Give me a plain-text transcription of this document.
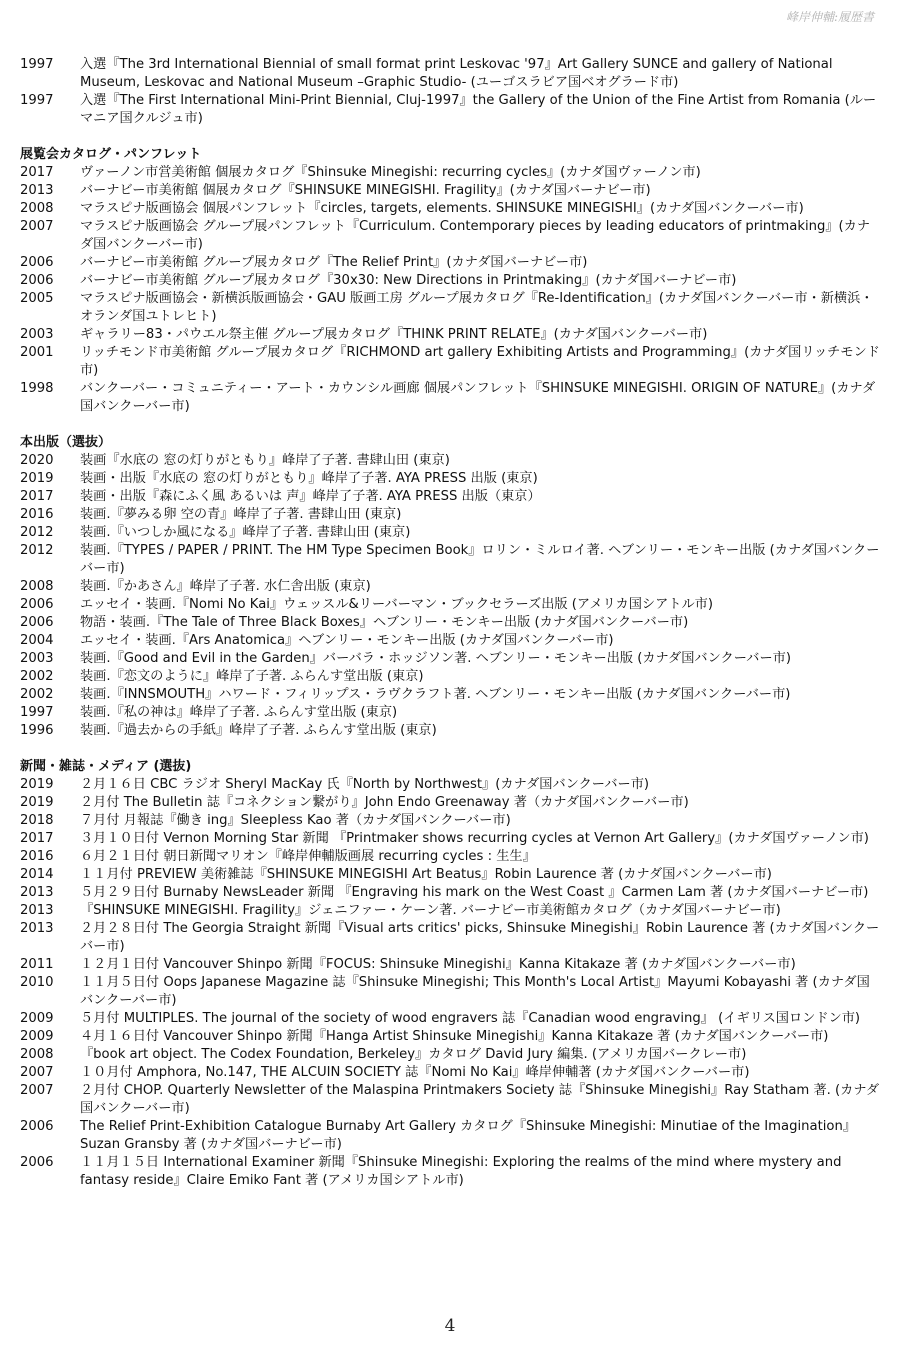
峰岸伸輔:履歴書
1997	入選『The 3rd International Biennial of small format print Leskovac '97』Art Gallery SUNCE and gallery of National Museum, Leskovac and National Museum –Graphic Studio- (ユーゴスラビア国ベオグラード市)
1997	入選『The First International Mini-Print Biennial, Cluj-1997』the Gallery of the Union of the Fine Artist from Romania (ルーマニア国クルジュ市)
展覧会カタログ・パンフレット
2017	ヴァーノン市営美術館 個展カタログ『Shinsuke Minegishi: recurring cycles』(カナダ国ヴァーノン市)
2013	バーナビー市美術館 個展カタログ『SHINSUKE MINEGISHI. Fragility』(カナダ国バーナビー市)
2008	マラスピナ版画協会 個展パンフレット『circles, targets, elements. SHINSUKE MINEGISHI』(カナダ国バンクーバー市)
2007	マラスピナ版画協会 グループ展パンフレット『Curriculum. Contemporary pieces by leading educators of printmaking』(カナダ国バンクーバー市)
2006	バーナビー市美術館 グループ展カタログ『The Relief Print』(カナダ国バーナビー市)
2006	バーナビー市美術館 グループ展カタログ『30x30: New Directions in Printmaking』(カナダ国バーナビー市)
2005	マラスピナ版画協会・新横浜版画協会・GAU 版画工房 グループ展カタログ『Re-Identification』(カナダ国バンクーバー市・新横浜・オランダ国ユトレヒト)
2003	ギャラリー83・パウエル祭主催 グループ展カタログ『THINK PRINT RELATE』(カナダ国バンクーバー市)
2001	リッチモンド市美術館 グループ展カタログ『RICHMOND art gallery Exhibiting Artists and Programming』(カナダ国リッチモンド市)
1998	バンクーバー・コミュニティー・アート・カウンシル画廊 個展パンフレット『SHINSUKE MINEGISHI. ORIGIN OF NATURE』(カナダ国バンクーバー市)
本出版（選抜）
2020	装画『水底の 窓の灯りがともり』峰岸了子著. 書肆山田 (東京)
2019	装画・出版『水底の 窓の灯りがともり』峰岸了子著. AYA PRESS 出版 (東京)
2017	装画・出版『森にふく風 あるいは 声』峰岸了子著. AYA PRESS 出版（東京）
2016	装画.『夢みる卵 空の青』峰岸了子著. 書肆山田 (東京)
2012	装画.『いつしか風になる』峰岸了子著. 書肆山田 (東京)
2012	装画.『TYPES / PAPER / PRINT. The HM Type Specimen Book』ロリン・ミルロイ著. ヘブンリー・モンキー出版 (カナダ国バンクーバー市)
2008	装画.『かあさん』峰岸了子著. 水仁舎出版 (東京)
2006	エッセイ・装画.『Nomi No Kai』ウェッスル&リーバーマン・ブックセラーズ出版 (アメリカ国シアトル市)
2006	物語・装画.『The Tale of Three Black Boxes』ヘブンリー・モンキー出版 (カナダ国バンクーバー市)
2004	エッセイ・装画.『Ars Anatomica』ヘブンリー・モンキー出版 (カナダ国バンクーバー市)
2003	装画.『Good and Evil in the Garden』バーバラ・ホッジソン著. ヘブンリー・モンキー出版 (カナダ国バンクーバー市)
2002	装画.『恋文のように』峰岸了子著. ふらんす堂出版 (東京)
2002	装画.『INNSMOUTH』ハワード・フィリップス・ラヴクラフト著. ヘブンリー・モンキー出版 (カナダ国バンクーバー市)
1997	装画.『私の神は』峰岸了子著. ふらんす堂出版 (東京)
1996	装画.『過去からの手紙』峰岸了子著. ふらんす堂出版 (東京)
新聞・雑誌・メディア (選抜)
2019	２月１６日 CBC ラジオ Sheryl MacKay 氏『North by Northwest』(カナダ国バンクーバー市)
2019	２月付 The Bulletin 誌『コネクション繋がり』John Endo Greenaway 著（カナダ国バンクーバー市)
2018	７月付 月報誌『働き ing』Sleepless Kao 著（カナダ国バンクーバー市)
2017	３月１０日付 Vernon Morning Star 新聞 『Printmaker shows recurring cycles at Vernon Art Gallery』(カナダ国ヴァーノン市)
2016	６月２１日付 朝日新聞マリオン『峰岸伸輔版画展 recurring cycles : 生生』
2014	１１月付 PREVIEW 美術雑誌『SHINSUKE MINEGISHI Art Beatus』Robin Laurence 著 (カナダ国バンクーバー市)
2013	５月２９日付 Burnaby NewsLeader 新聞 『Engraving his mark on the West Coast 』Carmen Lam 著 (カナダ国バーナビー市)
2013	『SHINSUKE MINEGISHI. Fragility』ジェニファー・ケーン著. バーナビー市美術館カタログ（カナダ国バーナビー市)
2013	２月２８日付 The Georgia Straight 新聞『Visual arts critics' picks, Shinsuke Minegishi』Robin Laurence 著 (カナダ国バンクーバー市)
2011	１２月１日付 Vancouver Shinpo 新聞『FOCUS: Shinsuke Minegishi』Kanna Kitakaze 著 (カナダ国バンクーバー市)
2010	１１月５日付 Oops Japanese Magazine 誌『Shinsuke Minegishi; This Month's Local Artist』Mayumi Kobayashi 著 (カナダ国バンクーバー市)
2009	５月付 MULTIPLES. The journal of the society of wood engravers 誌『Canadian wood engraving』 (イギリス国ロンドン市)
2009	４月１６日付 Vancouver Shinpo 新聞『Hanga Artist Shinsuke Minegishi』Kanna Kitakaze 著 (カナダ国バンクーバー市)
2008	『book art object. The Codex Foundation, Berkeley』カタログ David Jury 編集. (アメリカ国バークレー市)
2007	１０月付 Amphora, No.147, THE ALCUIN SOCIETY 誌『Nomi No Kai』峰岸伸輔著 (カナダ国バンクーバー市)
2007	２月付 CHOP. Quarterly Newsletter of the Malaspina Printmakers Society 誌『Shinsuke Minegishi』Ray Statham 著. (カナダ国バンクーバー市)
2006	The Relief Print-Exhibition Catalogue Burnaby Art Gallery カタログ『Shinsuke Minegishi: Minutiae of the Imagination』Suzan Gransby 著 (カナダ国バーナビー市)
2006	１１月１５日 International Examiner 新聞『Shinsuke Minegishi: Exploring the realms of the mind where mystery and fantasy reside』Claire Emiko Fant 著 (アメリカ国シアトル市)
4
